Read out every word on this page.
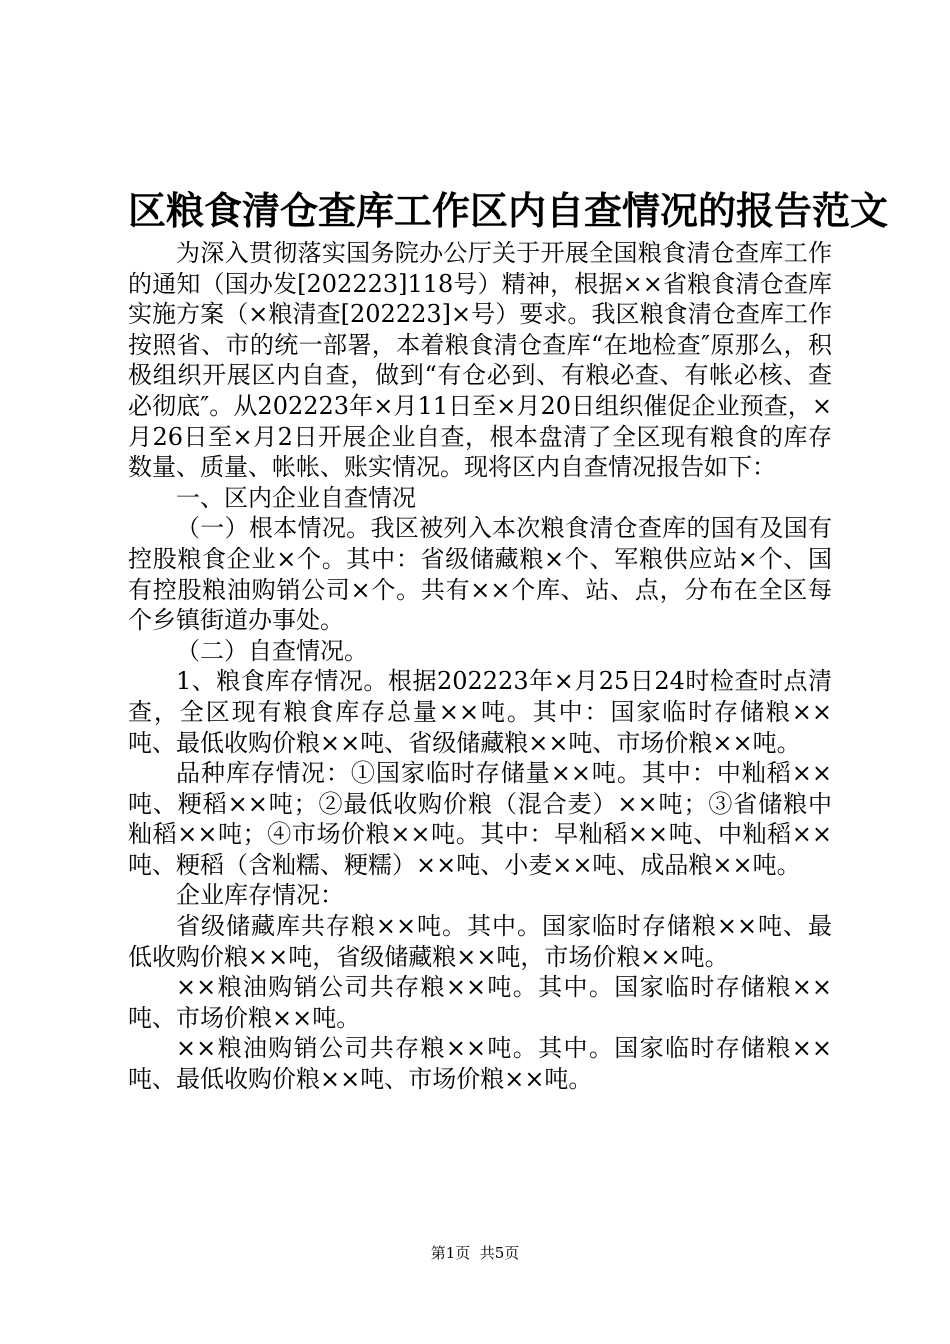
区粮食清仓查库工作区内自查情况的报告范文

为深入贯彻落实国务院办公厅关于开展全国粮食清仓查库工作的通知（国办发[202223]118号）精神，根据××省粮食清仓查库实施方案（×粮清查[202223]×号）要求。我区粮食清仓查库工作按照省、市的统一部署，本着粮食清仓查库“在地检查″原那么，积极组织开展区内自查，做到“有仓必到、有粮必查、有帐必核、查必彻底″。从202223年×月11日至×月20日组织催促企业预查，×月26日至×月2日开展企业自查，根本盘清了全区现有粮食的库存数量、质量、帐帐、账实情况。现将区内自查情况报告如下：

一、区内企业自查情况

（一）根本情况。我区被列入本次粮食清仓查库的国有及国有控股粮食企业×个。其中：省级储藏粮×个、军粮供应站×个、国有控股粮油购销公司×个。共有××个库、站、点，分布在全区每个乡镇街道办事处。

（二）自查情况。

1、粮食库存情况。根据202223年×月25日24时检查时点清查，全区现有粮食库存总量××吨。其中：国家临时存储粮××吨、最低收购价粮××吨、省级储藏粮××吨、市场价粮××吨。

品种库存情况：①国家临时存储量××吨。其中：中籼稻××吨、粳稻××吨；②最低收购价粮（混合麦）××吨；③省储粮中籼稻××吨；④市场价粮××吨。其中：早籼稻××吨、中籼稻××吨、粳稻（含籼糯、粳糯）××吨、小麦××吨、成品粮××吨。

企业库存情况：

省级储藏库共存粮××吨。其中。国家临时存储粮××吨、最低收购价粮××吨，省级储藏粮××吨，市场价粮××吨。

××粮油购销公司共存粮××吨。其中。国家临时存储粮××吨、市场价粮××吨。

××粮油购销公司共存粮××吨。其中。国家临时存储粮××吨、最低收购价粮××吨、市场价粮××吨。

第1页  共5页
